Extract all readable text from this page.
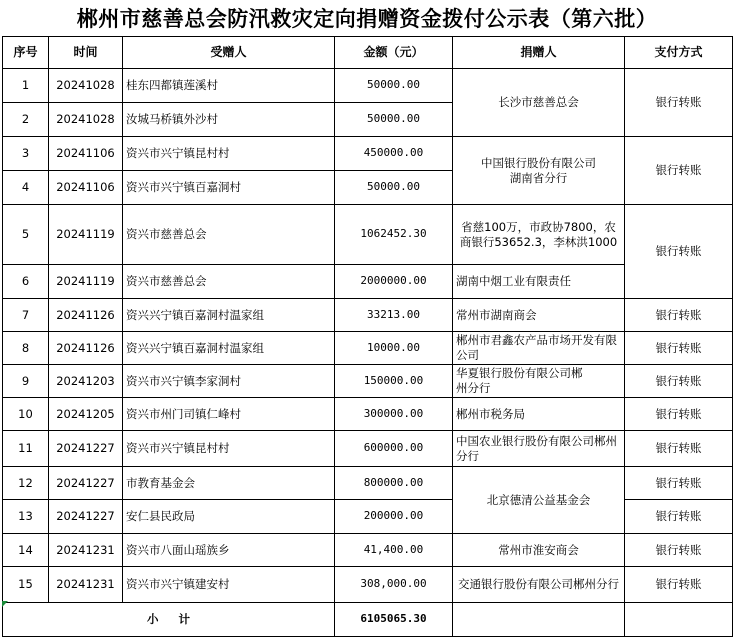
郴州市慈善总会防汛救灾定向捐赠资金拨付公示表（第六批）
序号	时间	受赠人	金额（元）	捐赠人	支付方式
1	20241028	桂东四都镇莲溪村	50000.00	长沙市慈善总会	银行转账
2	20241028	汝城马桥镇外沙村	50000.00		
3	20241106	资兴市兴宁镇昆村村	450000.00	中国银行股份有限公司湖南省分行	银行转账
4	20241106	资兴市兴宁镇百嘉洞村	50000.00		
5	20241119	资兴市慈善总会	1062452.30	省慈100万，市政协7800，农商银行53652.3，李林洪1000	银行转账
6	20241119	资兴市慈善总会	2000000.00	湖南中烟工业有限责任	
7	20241126	资兴兴宁镇百嘉洞村温家组	33213.00	常州市湖南商会	银行转账
8	20241126	资兴兴宁镇百嘉洞村温家组	10000.00	郴州市君鑫农产品市场开发有限公司	银行转账
9	20241203	资兴市兴宁镇李家洞村	150000.00	华夏银行股份有限公司郴州分行	银行转账
10	20241205	资兴市州门司镇仁峰村	300000.00	郴州市税务局	银行转账
11	20241227	资兴市兴宁镇昆村村	600000.00	中国农业银行股份有限公司郴州分行	银行转账
12	20241227	市教育基金会	800000.00	北京德清公益基金会	银行转账
13	20241227	安仁县民政局	200000.00		银行转账
14	20241231	资兴市八面山瑶族乡	41,400.00	常州市淮安商会	银行转账
15	20241231	资兴市兴宁镇建安村	308,000.00	交通银行股份有限公司郴州分行	银行转账
小     计			6105065.30		
